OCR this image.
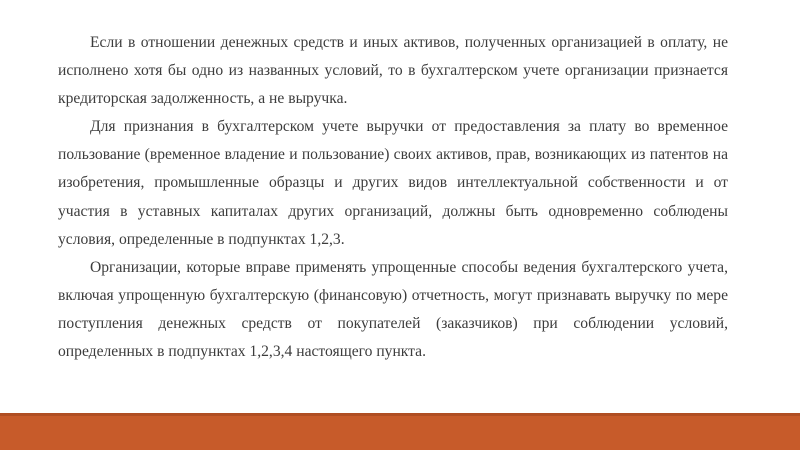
Если в отношении денежных средств и иных активов, полученных организацией в оплату, не исполнено хотя бы одно из названных условий, то в бухгалтерском учете организации признается кредиторская задолженность, а не выручка.

Для признания в бухгалтерском учете выручки от предоставления за плату во временное пользование (временное владение и пользование) своих активов, прав, возникающих из патентов на изобретения, промышленные образцы и других видов интеллектуальной собственности и от участия в уставных капиталах других организаций, должны быть одновременно соблюдены условия, определенные в подпунктах 1,2,3.

Организации, которые вправе применять упрощенные способы ведения бухгалтерского учета, включая упрощенную бухгалтерскую (финансовую) отчетность, могут признавать выручку по мере поступления денежных средств от покупателей (заказчиков) при соблюдении условий, определенных в подпунктах 1,2,3,4 настоящего пункта.
